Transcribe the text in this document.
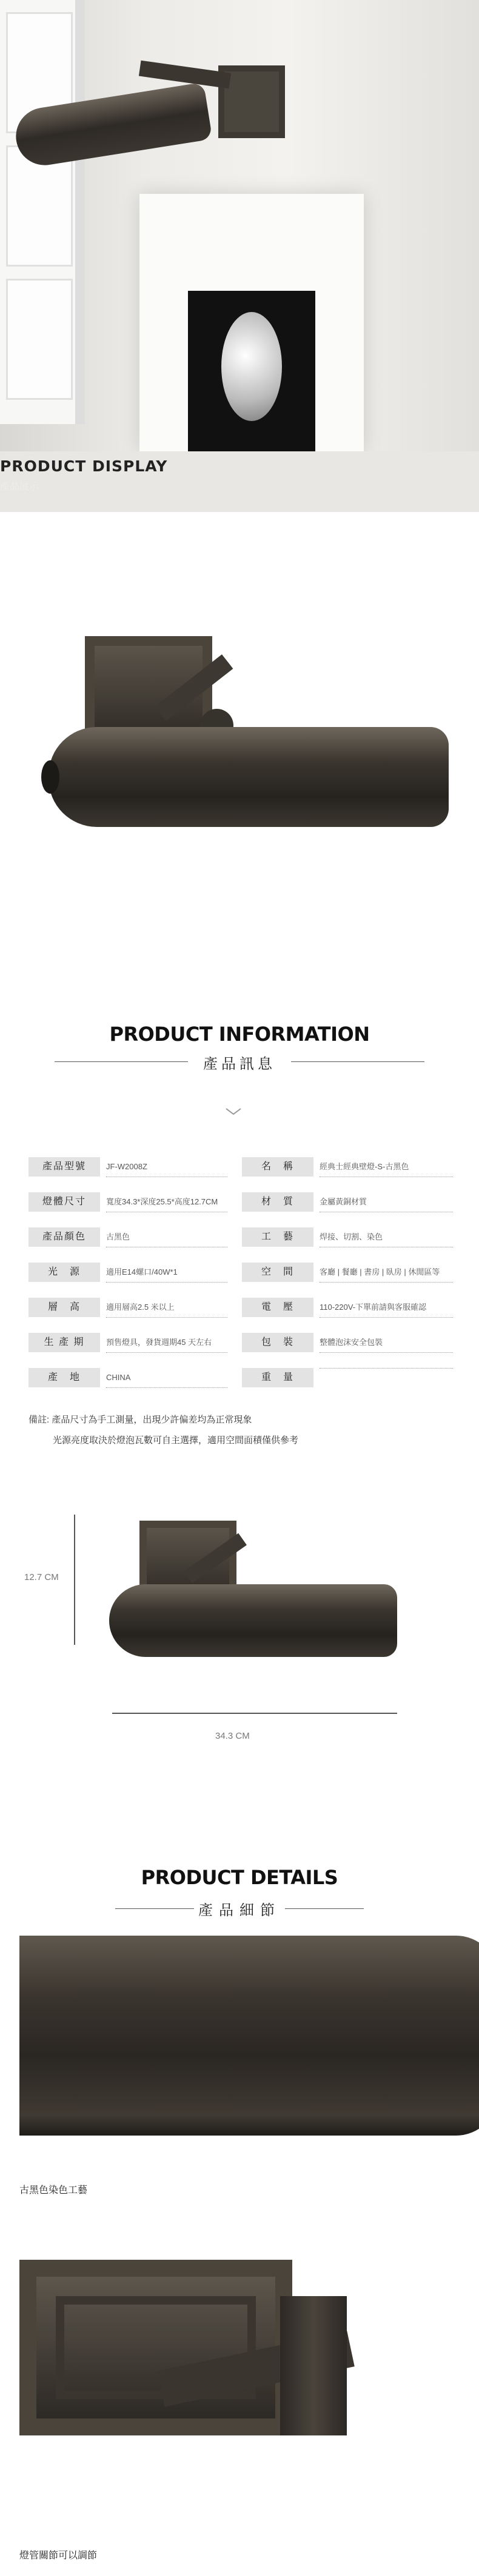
PRODUCT DISPLAY
產品展示
PRODUCT INFORMATION
產品訊息
產品型號	JF-W2008Z	名　稱	經典士經典壁燈-S-古黑色
燈體尺寸	寬度34.3*深度25.5*高度12.7CM	材　質	金屬黃銅材質
產品顏色	古黑色	工　藝	焊接、切割、染色
光　源	適用E14螺口/40W*1	空　間	客廳 | 餐廳 | 書房 | 臥房 | 休閒區等
層　高	適用層高2.5 米以上	電　壓	110-220V-下單前請與客服確認
生 產 期	預售燈具，發貨週期45 天左右	包　裝	整體泡沫安全包裝
產　地	CHINA	重　量
備註: 產品尺寸為手工測量，出現少許偏差均為正常現象
光源亮度取決於燈泡瓦數可自主選擇，適用空間面積僅供參考
12.7 CM
34.3 CM
PRODUCT DETAILS
產品細節
古黑色染色工藝
燈管關節可以調節
